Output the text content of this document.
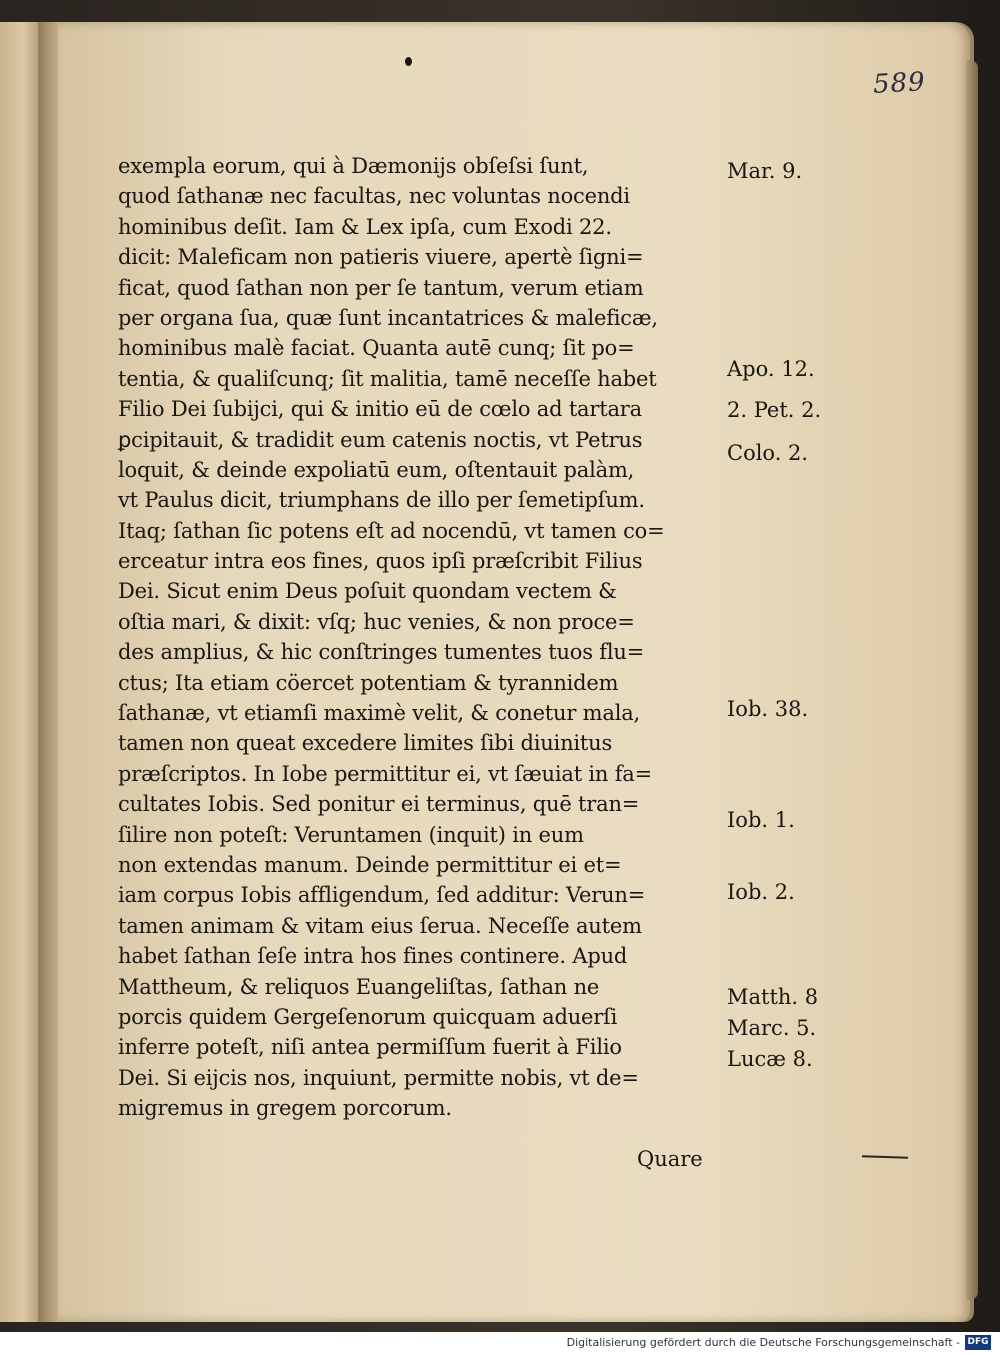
589
exempla eorum, qui à Dæmoniјs obſeſsi ſunt,
quod ſathanæ nec facultas, nec voluntas nocendi
hominibus deſit. Iam & Lex ipſa, cum Exodi 22.
dicit: Maleficam non patieris viuere, apertè ſigni=
ficat, quod ſathan non per ſe tantum, verum etiam
per organa ſua, quæ ſunt incantatrices & maleficæ,
hominibus malè faciat. Quanta autē cunq; ſit po=
tentia, & qualiſcunq; ſit malitia, tamē neceſſe habet
Filio Dei ſubijci, qui & initio eū de cœlo ad tartara
ꝑcipitauit, & tradidit eum catenis noctis, vt Petrus
loquit, & deinde expoliatū eum, oſtentauit palàm,
vt Paulus dicit, triumphans de illo per ſemetipſum.
Itaq; ſathan ſic potens eſt ad nocendū, vt tamen co=
erceatur intra eos fines, quos ipſi præſcribit Filius
Dei. Sicut enim Deus poſuit quondam vectem &
oſtia mari, & dixit: vſq; huc venies, & non proce=
des amplius, & hic conſtringes tumentes tuos flu=
ctus; Ita etiam cöercet potentiam & tyrannidem
ſathanæ, vt etiamſi maximè velit, & conetur mala,
tamen non queat excedere limites ſibi diuinitus
præſcriptos. In Iobe permittitur ei, vt ſæuiat in fa=
cultates Iobis. Sed ponitur ei terminus, quē tran=
ſilire non poteſt: Veruntamen (inquit) in eum
non extendas manum. Deinde permittitur ei et=
iam corpus Iobis affligendum, ſed additur: Verun=
tamen animam & vitam eius ſerua. Neceſſe autem
habet ſathan ſeſe intra hos fines continere. Apud
Mattheum, & reliquos Euangeliſtas, ſathan ne
porcis quidem Gergeſenorum quicquam aduerſi
inferre poteſt, niſi antea permiſſum fuerit à Filio
Dei. Si eijcis nos, inquiunt, permitte nobis, vt de=
migremus in gregem porcorum.
Mar. 9.
Apo. 12.
2. Pet. 2.
Colo. 2.
Iob. 38.
Iob. 1.
Iob. 2.
Matth. 8
Marc. 5.
Lucæ 8.
Quare
Digitalisierung gefördert durch die Deutsche Forschungsgemeinschaft - DFG
